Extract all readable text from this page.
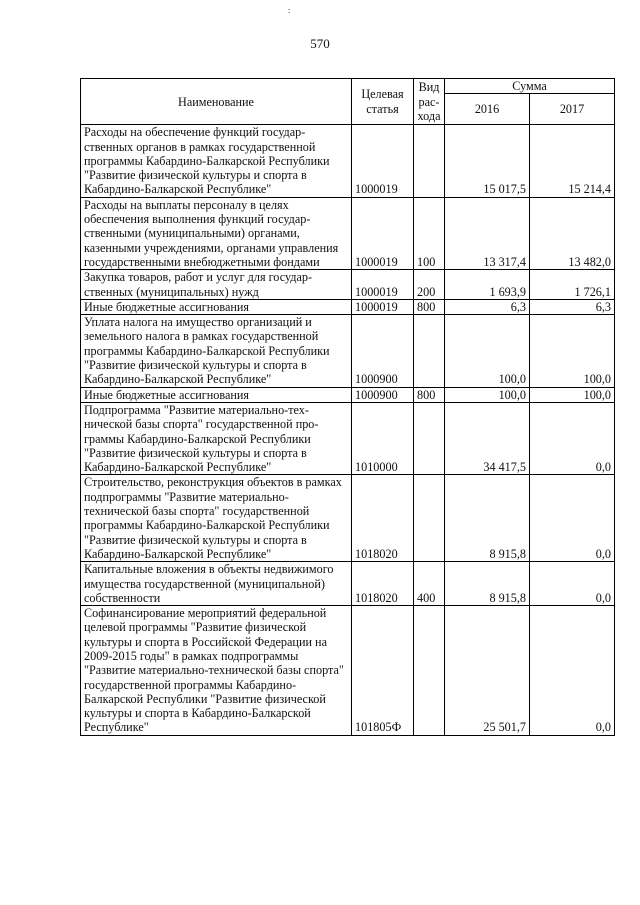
:
570
Наименование	Целевая статья	Вид расхода	Сумма	
			2016	2017
Расходы на обеспечение функций государственных органов в рамках государственной программы Кабардино-Балкарской Республики "Развитие физической культуры и спорта в Кабардино-Балкарской Республике"	1000019		15 017,5	15 214,4
Расходы на выплаты персоналу в целях обеспечения выполнения функций государственными (муниципальными) органами, казенными учреждениями, органами управления государственными внебюджетными фондами	1000019	100	13 317,4	13 482,0
Закупка товаров, работ и услуг для государственных (муниципальных) нужд	1000019	200	1 693,9	1 726,1
Иные бюджетные ассигнования	1000019	800	6,3	6,3
Уплата налога на имущество организаций и земельного налога в рамках государственной программы Кабардино-Балкарской Республики "Развитие физической культуры и спорта в Кабардино-Балкарской Республике"	1000900		100,0	100,0
Иные бюджетные ассигнования	1000900	800	100,0	100,0
Подпрограмма "Развитие материально-технической базы спорта" государственной программы Кабардино-Балкарской Республики "Развитие физической культуры и спорта в Кабардино-Балкарской Республике"	1010000		34 417,5	0,0
Строительство, реконструкция объектов в рамках подпрограммы "Развитие материально-технической базы спорта" государственной программы Кабардино-Балкарской Республики "Развитие физической культуры и спорта в Кабардино-Балкарской Республике"	1018020		8 915,8	0,0
Капитальные вложения в объекты недвижимого имущества государственной (муниципальной) собственности	1018020	400	8 915,8	0,0
Софинансирование мероприятий федеральной целевой программы "Развитие физической культуры и спорта в Российской Федерации на 2009-2015 годы" в рамках подпрограммы "Развитие материально-технической базы спорта" государственной программы Кабардино-Балкарской Республики "Развитие физической культуры и спорта в Кабардино-Балкарской Республике"	101805Ф		25 501,7	0,0
